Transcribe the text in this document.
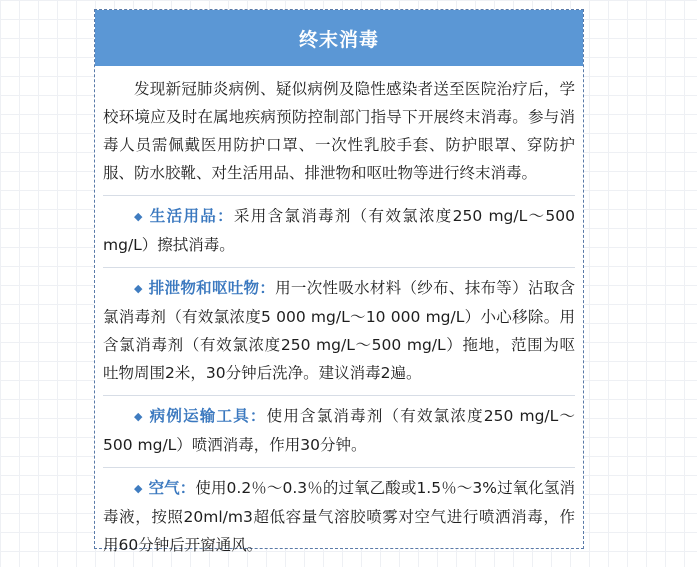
终末消毒
发现新冠肺炎病例、疑似病例及隐性感染者送至医院治疗后，学校环境应及时在属地疾病预防控制部门指导下开展终末消毒。参与消毒人员需佩戴医用防护口罩、一次性乳胶手套、防护眼罩、穿防护服、防水胶靴、对生活用品、排泄物和呕吐物等进行终末消毒。
◆ 生活用品：采用含氯消毒剂（有效氯浓度250 mg/L～500 mg/L）擦拭消毒。
◆ 排泄物和呕吐物：用一次性吸水材料（纱布、抹布等）沾取含氯消毒剂（有效氯浓度5 000 mg/L～10 000 mg/L）小心移除。用含氯消毒剂（有效氯浓度250 mg/L～500 mg/L）拖地，范围为呕吐物周围2米，30分钟后洗净。建议消毒2遍。
◆ 病例运输工具：使用含氯消毒剂（有效氯浓度250 mg/L～500 mg/L）喷洒消毒，作用30分钟。
◆ 空气：使用0.2％～0.3％的过氧乙酸或1.5％～3%过氧化氢消毒液，按照20ml/m3超低容量气溶胶喷雾对空气进行喷洒消毒，作用60分钟后开窗通风。
